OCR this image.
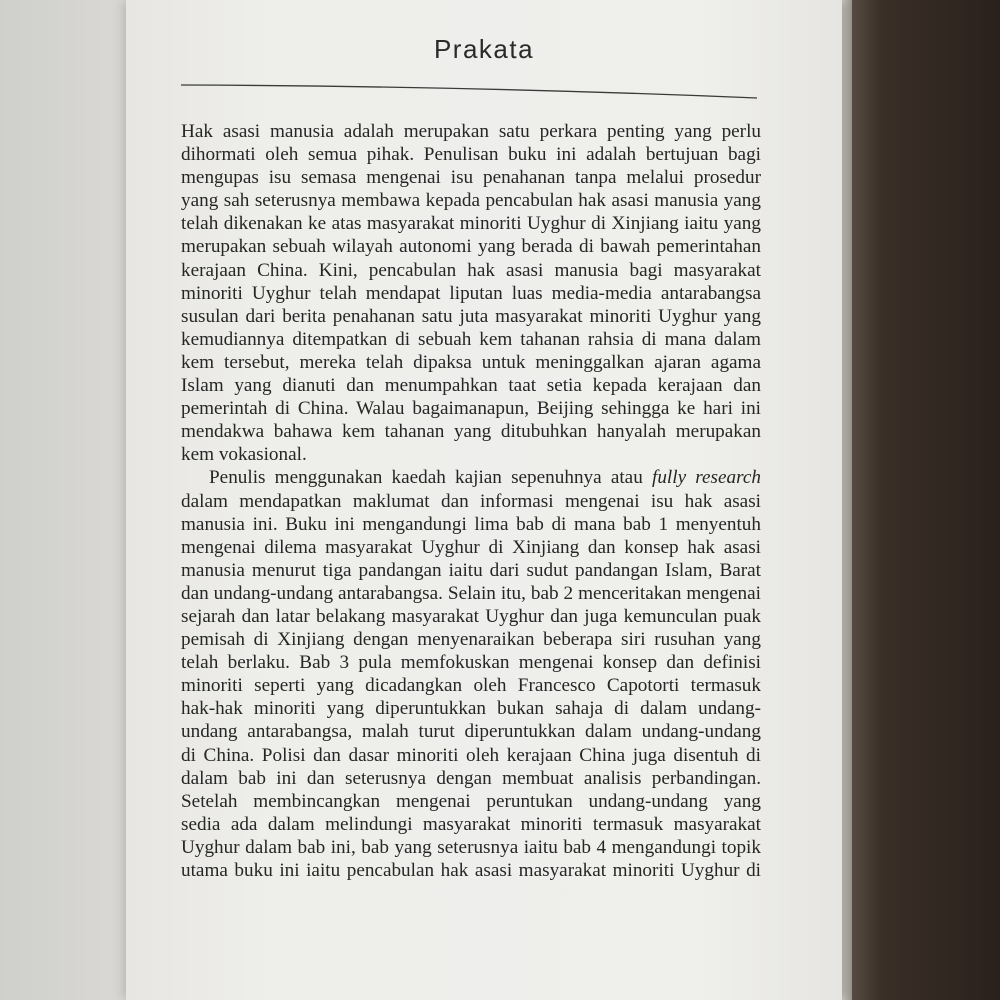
Prakata
Hak asasi manusia adalah merupakan satu perkara penting yang perlu
dihormati oleh semua pihak. Penulisan buku ini adalah bertujuan bagi
mengupas isu semasa mengenai isu penahanan tanpa melalui prosedur
yang sah seterusnya membawa kepada pencabulan hak asasi manusia yang
telah dikenakan ke atas masyarakat minoriti Uyghur di Xinjiang iaitu yang
merupakan sebuah wilayah autonomi yang berada di bawah pemerintahan
kerajaan China. Kini, pencabulan hak asasi manusia bagi masyarakat
minoriti Uyghur telah mendapat liputan luas media-media antarabangsa
susulan dari berita penahanan satu juta masyarakat minoriti Uyghur yang
kemudiannya ditempatkan di sebuah kem tahanan rahsia di mana dalam
kem tersebut, mereka telah dipaksa untuk meninggalkan ajaran agama
Islam yang dianuti dan menumpahkan taat setia kepada kerajaan dan
pemerintah di China. Walau bagaimanapun, Beijing sehingga ke hari ini
mendakwa bahawa kem tahanan yang ditubuhkan hanyalah merupakan
kem vokasional.
Penulis menggunakan kaedah kajian sepenuhnya atau fully research
dalam mendapatkan maklumat dan informasi mengenai isu hak asasi
manusia ini. Buku ini mengandungi lima bab di mana bab 1 menyentuh
mengenai dilema masyarakat Uyghur di Xinjiang dan konsep hak asasi
manusia menurut tiga pandangan iaitu dari sudut pandangan Islam, Barat
dan undang-undang antarabangsa. Selain itu, bab 2 menceritakan mengenai
sejarah dan latar belakang masyarakat Uyghur dan juga kemunculan puak
pemisah di Xinjiang dengan menyenaraikan beberapa siri rusuhan yang
telah berlaku. Bab 3 pula memfokuskan mengenai konsep dan definisi
minoriti seperti yang dicadangkan oleh Francesco Capotorti termasuk
hak-hak minoriti yang diperuntukkan bukan sahaja di dalam undang-
undang antarabangsa, malah turut diperuntukkan dalam undang-undang
di China. Polisi dan dasar minoriti oleh kerajaan China juga disentuh di
dalam bab ini dan seterusnya dengan membuat analisis perbandingan.
Setelah membincangkan mengenai peruntukan undang-undang yang
sedia ada dalam melindungi masyarakat minoriti termasuk masyarakat
Uyghur dalam bab ini, bab yang seterusnya iaitu bab 4 mengandungi topik
utama buku ini iaitu pencabulan hak asasi masyarakat minoriti Uyghur di
